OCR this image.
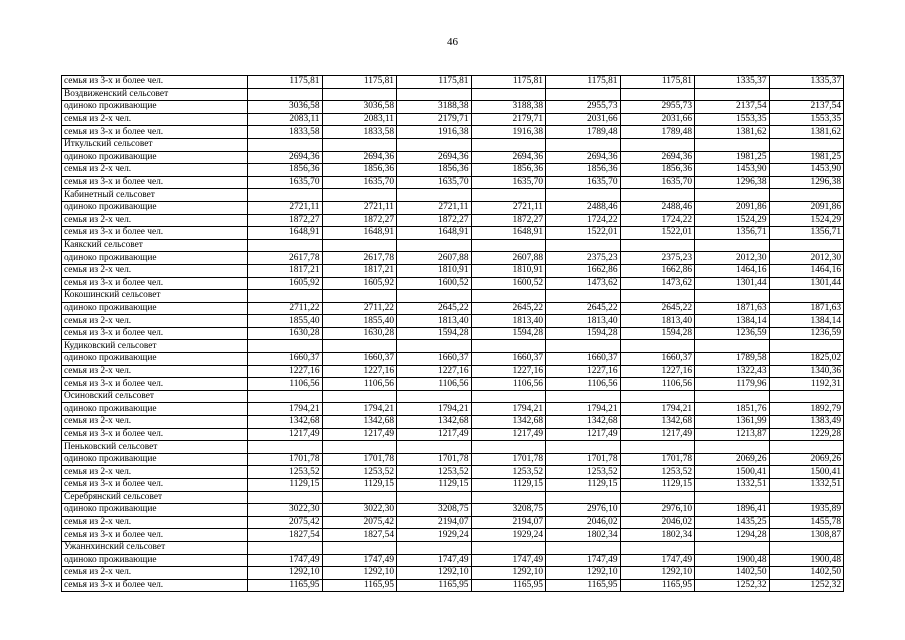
46
семья из 3-х и более чел.	1175,81	1175,81	1175,81	1175,81	1175,81	1175,81	1335,37	1335,37
Воздвиженский сельсовет								
одиноко проживающие	3036,58	3036,58	3188,38	3188,38	2955,73	2955,73	2137,54	2137,54
семья из 2-х чел.	2083,11	2083,11	2179,71	2179,71	2031,66	2031,66	1553,35	1553,35
семья из 3-х и более чел.	1833,58	1833,58	1916,38	1916,38	1789,48	1789,48	1381,62	1381,62
Иткульский сельсовет								
одиноко проживающие	2694,36	2694,36	2694,36	2694,36	2694,36	2694,36	1981,25	1981,25
семья из 2-х чел.	1856,36	1856,36	1856,36	1856,36	1856,36	1856,36	1453,90	1453,90
семья из 3-х и более чел.	1635,70	1635,70	1635,70	1635,70	1635,70	1635,70	1296,38	1296,38
Кабинетный сельсовет								
одиноко проживающие	2721,11	2721,11	2721,11	2721,11	2488,46	2488,46	2091,86	2091,86
семья из 2-х чел.	1872,27	1872,27	1872,27	1872,27	1724,22	1724,22	1524,29	1524,29
семья из 3-х и более чел.	1648,91	1648,91	1648,91	1648,91	1522,01	1522,01	1356,71	1356,71
Каякский сельсовет								
одиноко проживающие	2617,78	2617,78	2607,88	2607,88	2375,23	2375,23	2012,30	2012,30
семья из 2-х чел.	1817,21	1817,21	1810,91	1810,91	1662,86	1662,86	1464,16	1464,16
семья из 3-х и более чел.	1605,92	1605,92	1600,52	1600,52	1473,62	1473,62	1301,44	1301,44
Кокошинский сельсовет								
одиноко проживающие	2711,22	2711,22	2645,22	2645,22	2645,22	2645,22	1871,63	1871,63
семья из 2-х чел.	1855,40	1855,40	1813,40	1813,40	1813,40	1813,40	1384,14	1384,14
семья из 3-х и более чел.	1630,28	1630,28	1594,28	1594,28	1594,28	1594,28	1236,59	1236,59
Кудиковский сельсовет								
одиноко проживающие	1660,37	1660,37	1660,37	1660,37	1660,37	1660,37	1789,58	1825,02
семья из 2-х чел.	1227,16	1227,16	1227,16	1227,16	1227,16	1227,16	1322,43	1340,36
семья из 3-х и более чел.	1106,56	1106,56	1106,56	1106,56	1106,56	1106,56	1179,96	1192,31
Осиновский сельсовет								
одиноко проживающие	1794,21	1794,21	1794,21	1794,21	1794,21	1794,21	1851,76	1892,79
семья из 2-х чел.	1342,68	1342,68	1342,68	1342,68	1342,68	1342,68	1361,99	1383,49
семья из 3-х и более чел.	1217,49	1217,49	1217,49	1217,49	1217,49	1217,49	1213,87	1229,28
Пеньковский сельсовет								
одиноко проживающие	1701,78	1701,78	1701,78	1701,78	1701,78	1701,78	2069,26	2069,26
семья из 2-х чел.	1253,52	1253,52	1253,52	1253,52	1253,52	1253,52	1500,41	1500,41
семья из 3-х и более чел.	1129,15	1129,15	1129,15	1129,15	1129,15	1129,15	1332,51	1332,51
Серебрянский сельсовет								
одиноко проживающие	3022,30	3022,30	3208,75	3208,75	2976,10	2976,10	1896,41	1935,89
семья из 2-х чел.	2075,42	2075,42	2194,07	2194,07	2046,02	2046,02	1435,25	1455,78
семья из 3-х и более чел.	1827,54	1827,54	1929,24	1929,24	1802,34	1802,34	1294,28	1308,87
Ужаннхинский сельсовет								
одиноко проживающие	1747,49	1747,49	1747,49	1747,49	1747,49	1747,49	1900,48	1900,48
семья из 2-х чел.	1292,10	1292,10	1292,10	1292,10	1292,10	1292,10	1402,50	1402,50
семья из 3-х и более чел.	1165,95	1165,95	1165,95	1165,95	1165,95	1165,95	1252,32	1252,32
